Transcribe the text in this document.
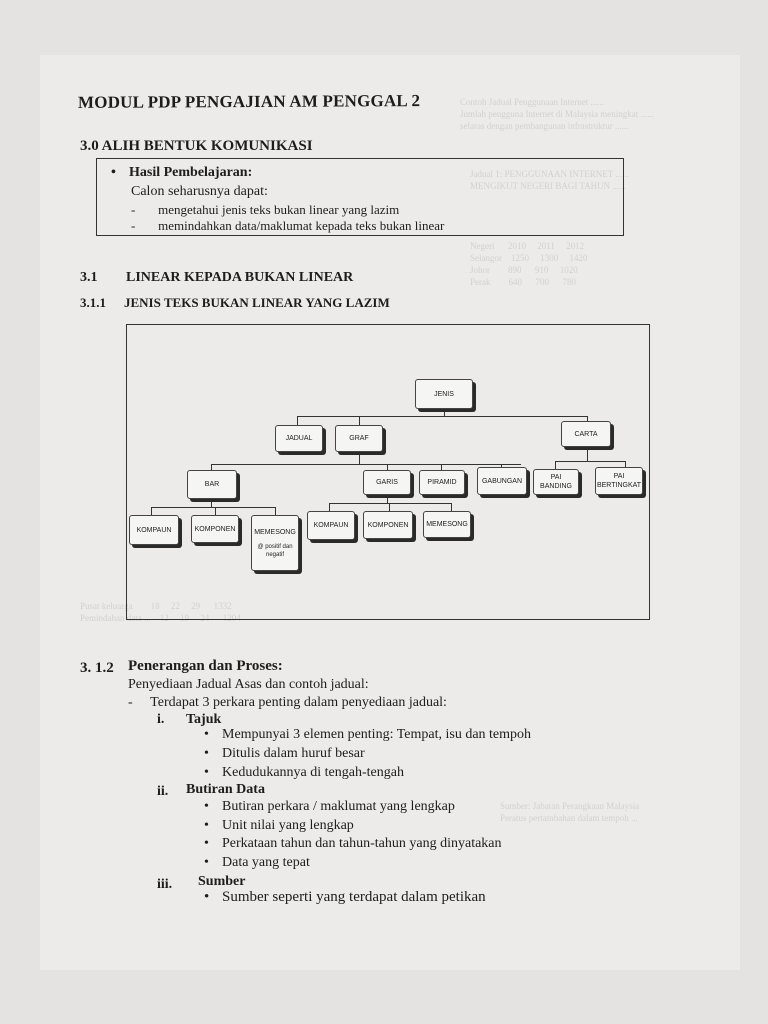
Contoh Jadual Penggunaan Internet ......
Jumlah pengguna Internet di Malaysia meningkat ......
selaras dengan pembangunan infrastruktur ......
Jadual 1: PENGGUNAAN INTERNET ......
MENGIKUT NEGERI BAGI TAHUN ......
Negeri      2010     2011     2012
Selangor    1250     1300     1420
Johor        890      910     1020
Perak        640      700      780
Pusat keluarga        18     22     29      1332
Pemindahan data ...    12     19     24      1204
Sumber: Jabatan Perangkaan Malaysia
Peratus pertambahan dalam tempoh ...
MODUL PDP PENGAJIAN AM PENGGAL 2
3.0 ALIH BENTUK KOMUNIKASI
• Hasil Pembelajaran:
Calon seharusnya dapat:
-       mengetahui jenis teks bukan linear yang lazim
-       memindahkan data/maklumat kepada teks bukan linear
3.1 LINEAR KEPADA BUKAN LINEAR
3.1.1 JENIS TEKS BUKAN LINEAR YANG LAZIM
JENIS
JADUAL	GRAF
CARTA
BAR	GARIS	PIRAMID	GABUNGAN	PAI BANDING
PAI BERTINGKAT
KOMPAUN	KOMPONEN	MEMESONG
@ positif dan negatif
KOMPAUN	KOMPONEN	MEMESONG
3. 1.2 Penerangan dan Proses:
Penyediaan Jadual Asas dan contoh jadual:
-     Terdapat 3 perkara penting dalam penyediaan jadual:
i. Tajuk
• Mempunyai 3 elemen penting: Tempat, isu dan tempoh
• Ditulis dalam huruf besar
• Kedudukannya di tengah-tengah
ii. Butiran Data
• Butiran perkara / maklumat yang lengkap
• Unit nilai yang lengkap
• Perkataan tahun dan tahun-tahun yang dinyatakan
• Data yang tepat
iii. Sumber
• Sumber seperti yang terdapat dalam petikan
